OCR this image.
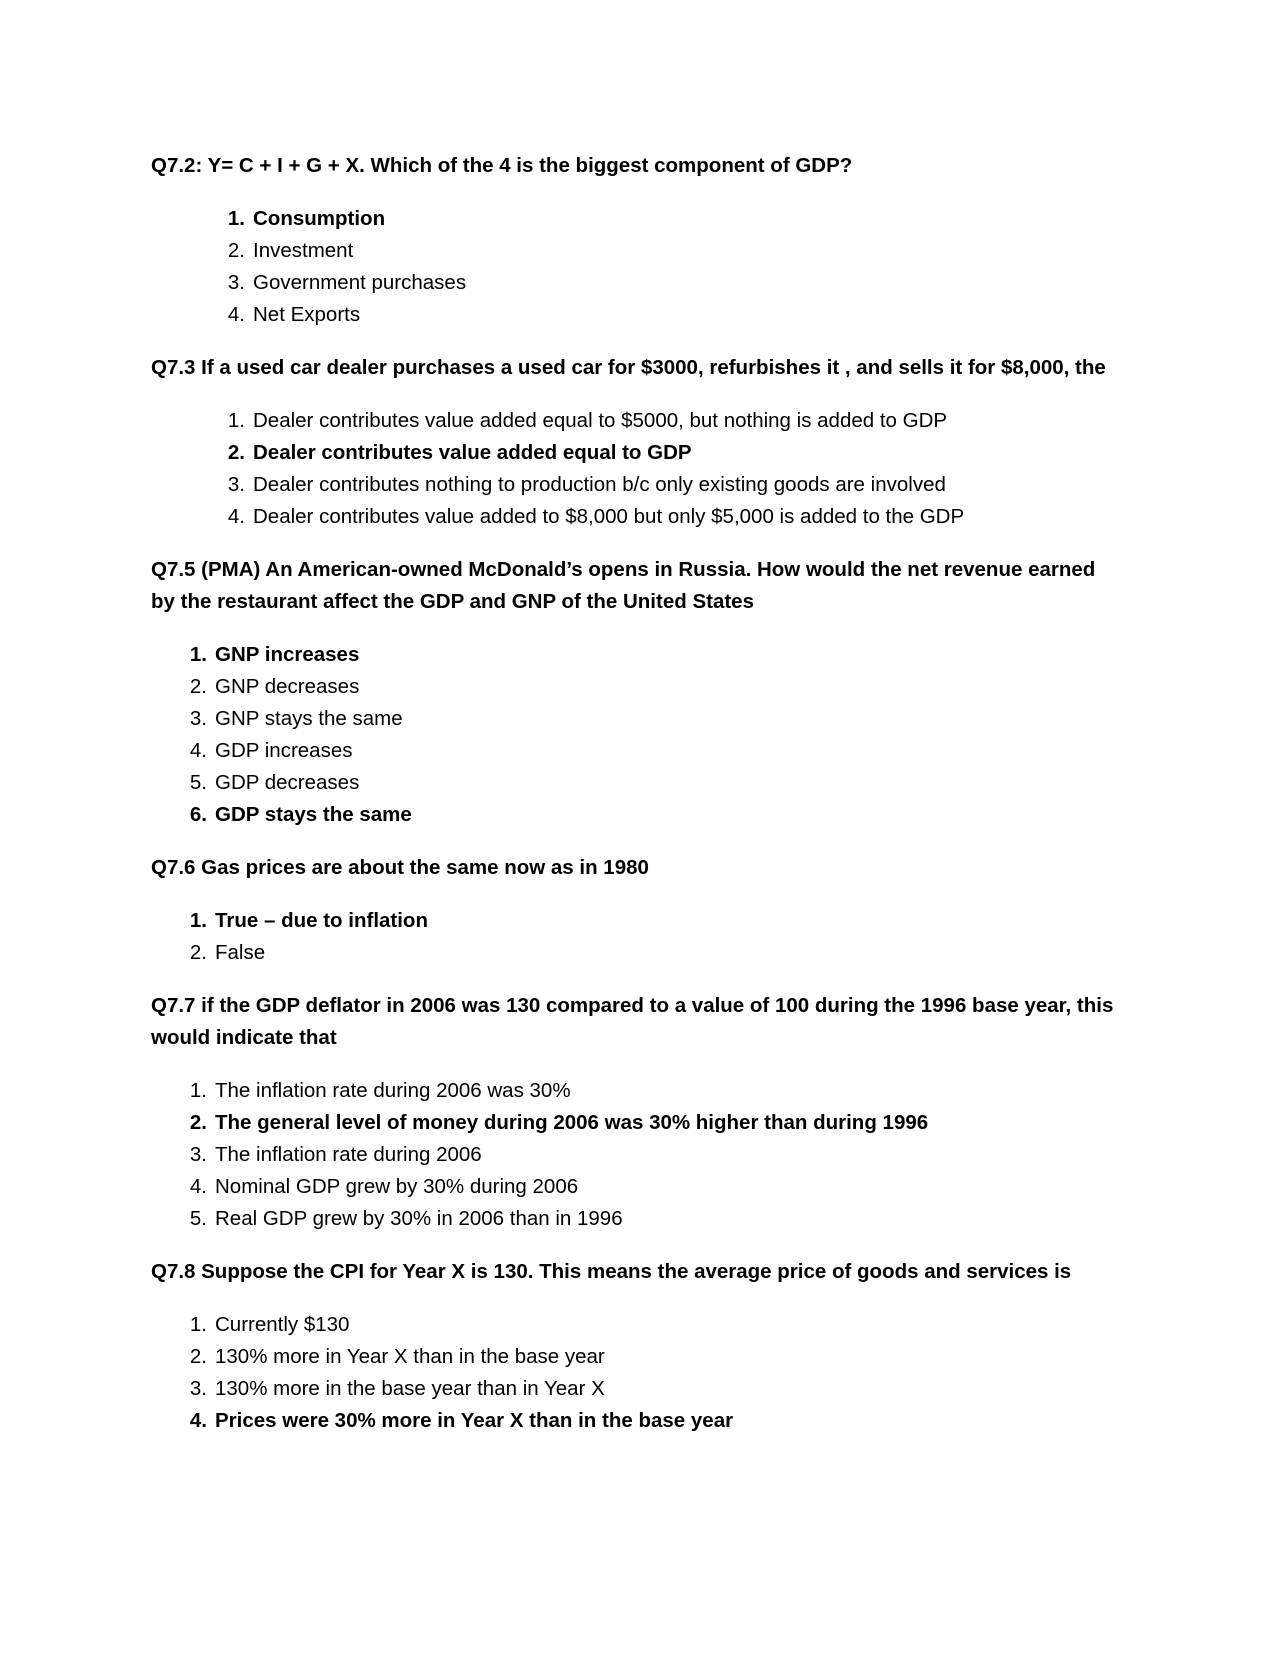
Q7.2: Y= C + I + G + X. Which of the 4 is the biggest component of GDP?

1. Consumption
2. Investment
3. Government purchases
4. Net Exports

Q7.3 If a used car dealer purchases a used car for $3000, refurbishes it , and sells it for $8,000, the

1. Dealer contributes value added equal to $5000, but nothing is added to GDP
2. Dealer contributes value added equal to GDP
3. Dealer contributes nothing to production b/c only existing goods are involved
4. Dealer contributes value added to $8,000 but only $5,000 is added to the GDP

Q7.5 (PMA) An American-owned McDonald’s opens in Russia. How would the net revenue earned by the restaurant affect the GDP and GNP of the United States

1. GNP increases
2. GNP decreases
3. GNP stays the same
4. GDP increases
5. GDP decreases
6. GDP stays the same

Q7.6 Gas prices are about the same now as in 1980

1. True – due to inflation
2. False

Q7.7 if the GDP deflator in 2006 was 130 compared to a value of 100 during the 1996 base year, this would indicate that

1. The inflation rate during 2006 was 30%
2. The general level of money during 2006 was 30% higher than during 1996
3. The inflation rate during 2006
4. Nominal GDP grew by 30% during 2006
5. Real GDP grew by 30% in 2006 than in 1996

Q7.8 Suppose the CPI for Year X is 130. This means the average price of goods and services is

1. Currently $130
2. 130% more in Year X than in the base year
3. 130% more in the base year than in Year X
4. Prices were 30% more in Year X than in the base year
